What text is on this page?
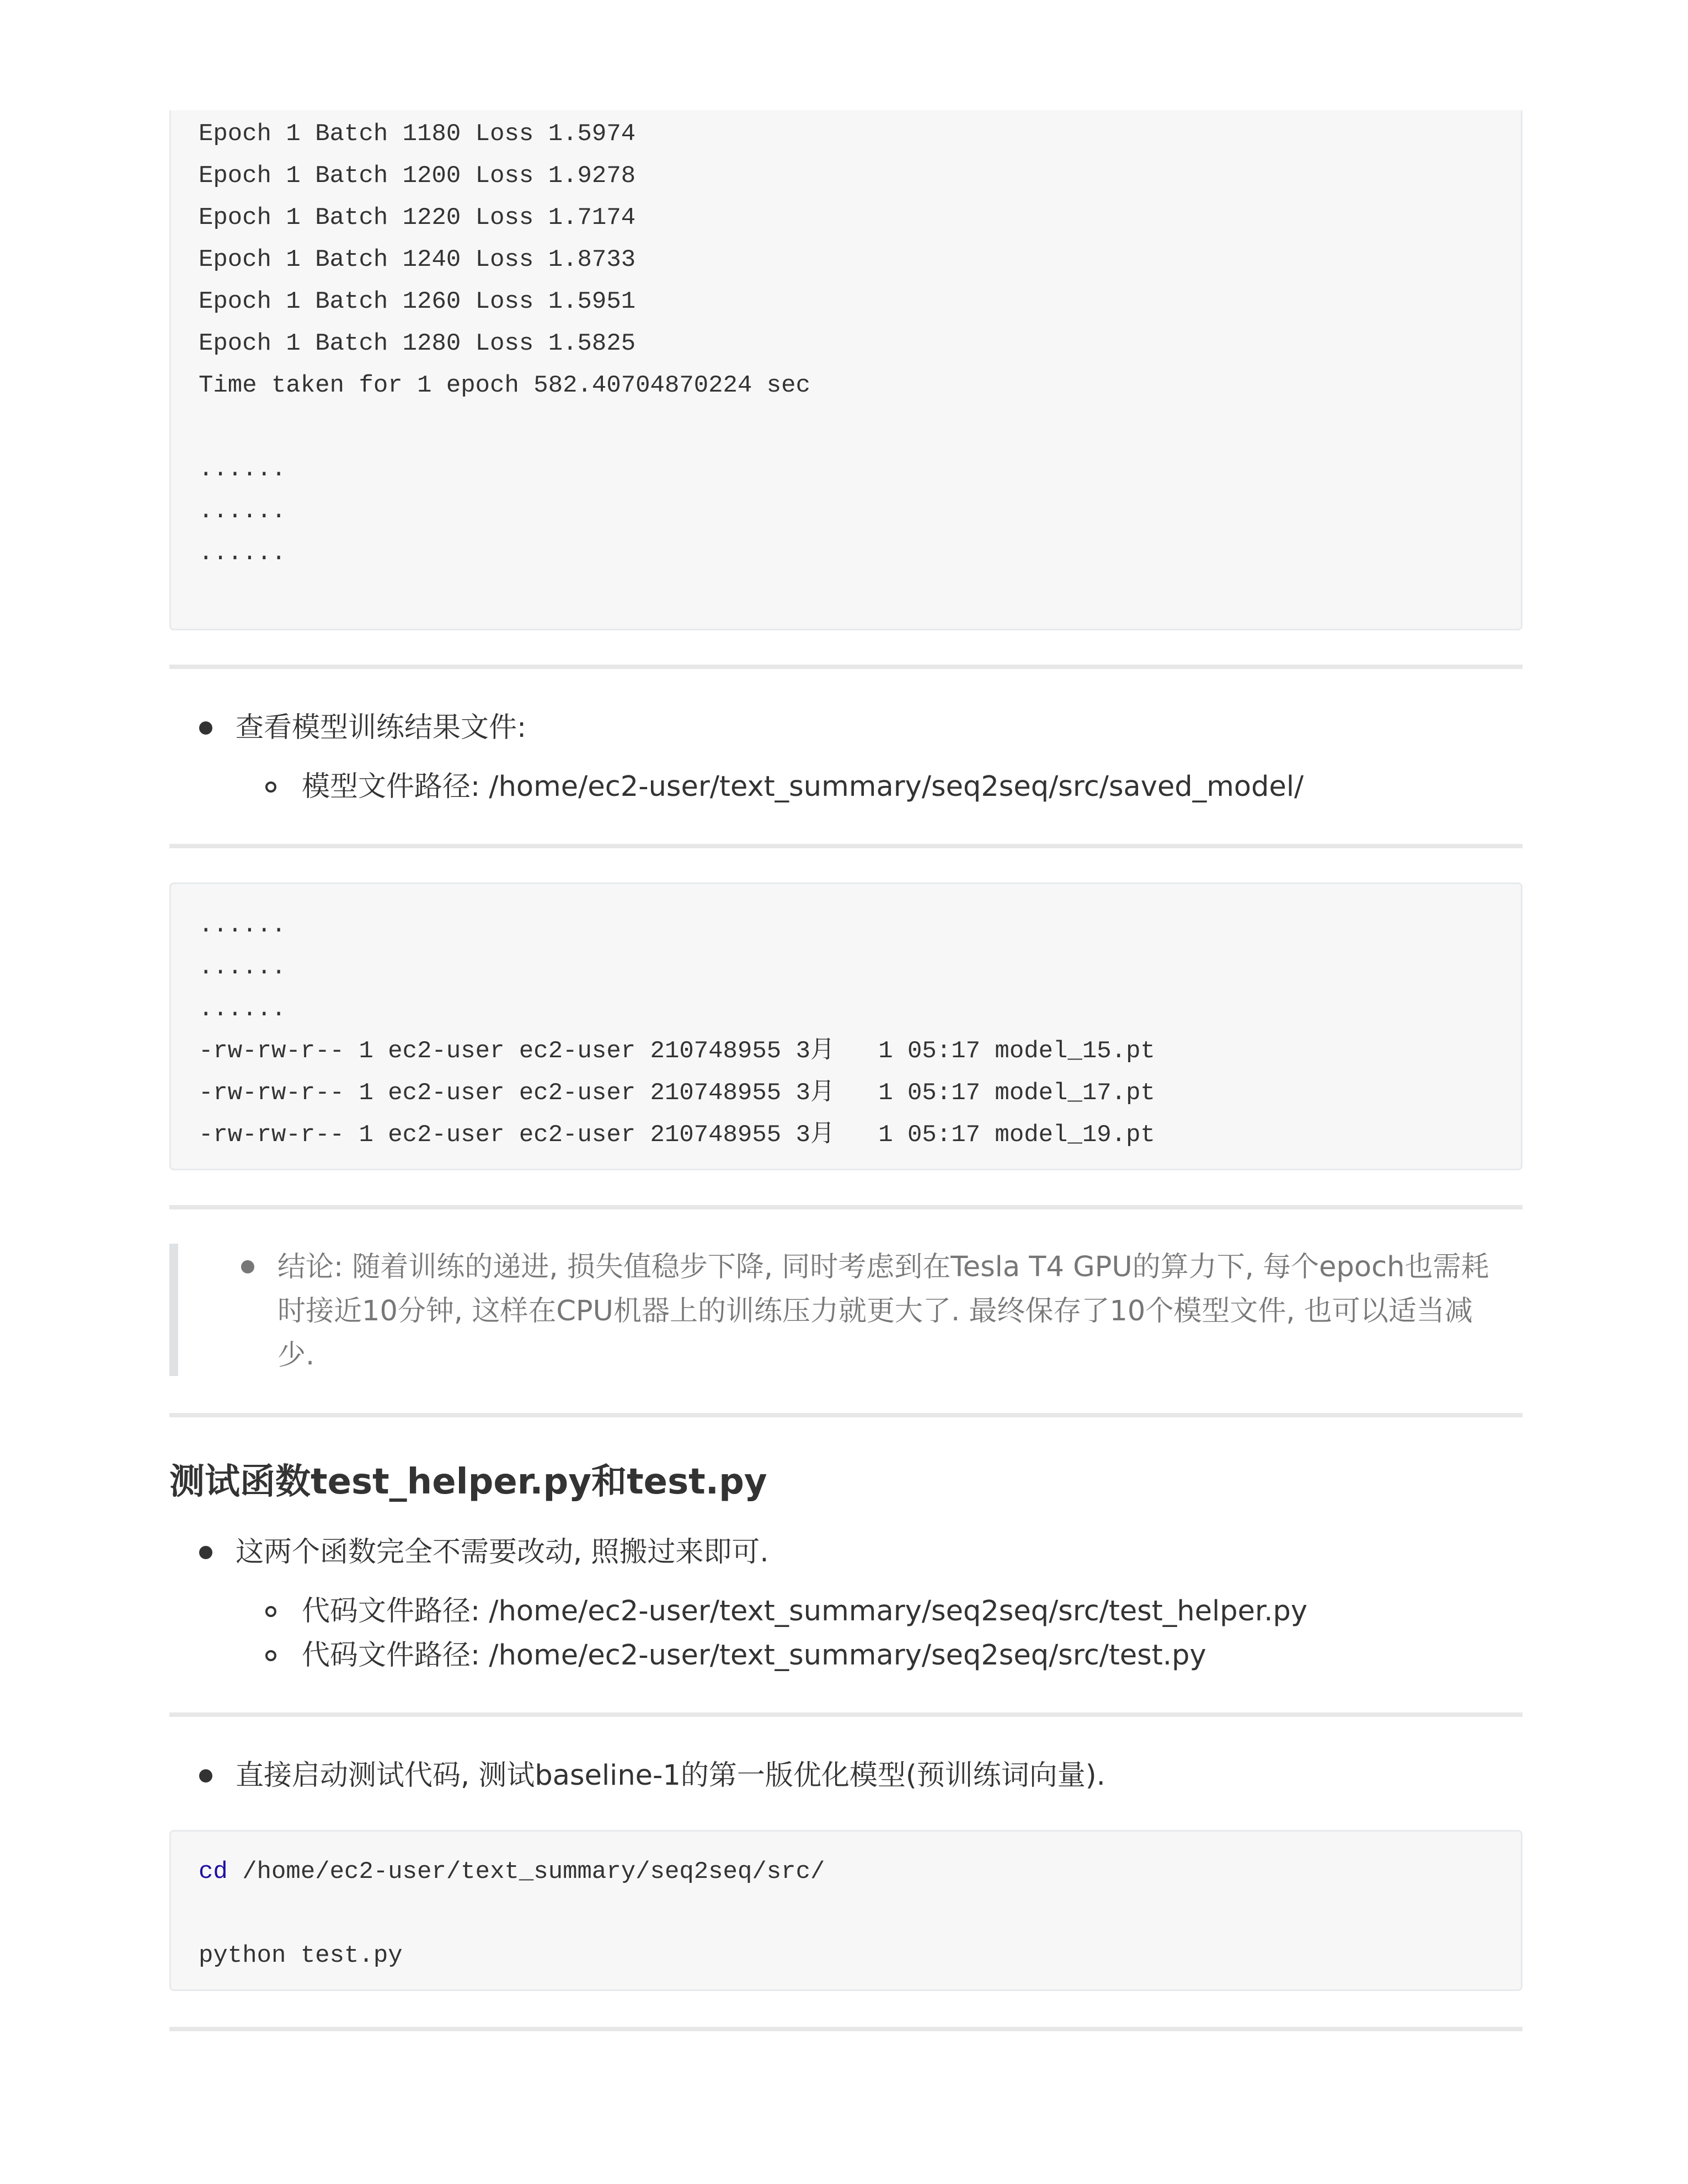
Epoch 1 Batch 1180 Loss 1.5974
Epoch 1 Batch 1200 Loss 1.9278
Epoch 1 Batch 1220 Loss 1.7174
Epoch 1 Batch 1240 Loss 1.8733
Epoch 1 Batch 1260 Loss 1.5951
Epoch 1 Batch 1280 Loss 1.5825
Time taken for 1 epoch 582.40704870224 sec
......
......
......
查看模型训练结果文件:
模型文件路径: /home/ec2-user/text_summary/seq2seq/src/saved_model/
......
......
......
-rw-rw-r-- 1 ec2-user ec2-user 210748955 3月   1 05:17 model_15.pt
-rw-rw-r-- 1 ec2-user ec2-user 210748955 3月   1 05:17 model_17.pt
-rw-rw-r-- 1 ec2-user ec2-user 210748955 3月   1 05:17 model_19.pt
结论: 随着训练的递进, 损失值稳步下降, 同时考虑到在Tesla T4 GPU的算力下, 每个epoch也需耗
时接近10分钟, 这样在CPU机器上的训练压力就更大了. 最终保存了10个模型文件, 也可以适当减
少.
测试函数test_helper.py和test.py
这两个函数完全不需要改动, 照搬过来即可.
代码文件路径: /home/ec2-user/text_summary/seq2seq/src/test_helper.py
代码文件路径: /home/ec2-user/text_summary/seq2seq/src/test.py
直接启动测试代码, 测试baseline-1的第一版优化模型(预训练词向量).
cd /home/ec2-user/text_summary/seq2seq/src/
python test.py
